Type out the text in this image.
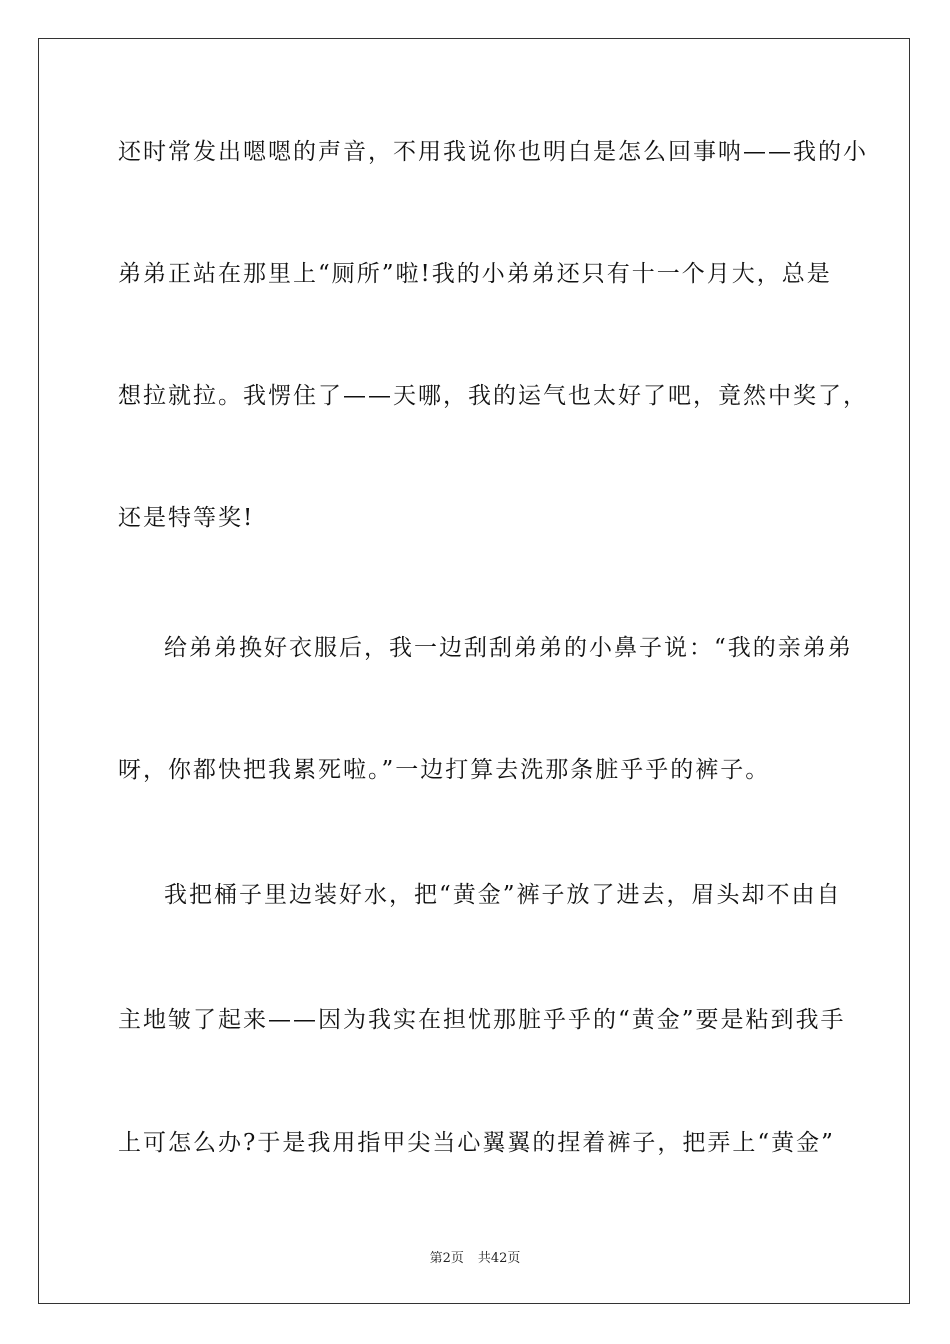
还时常发出嗯嗯的声音，不用我说你也明白是怎么回事呐——我的小
弟弟正站在那里上“厕所”啦!我的小弟弟还只有十一个月大，总是
想拉就拉。我愣住了——天哪，我的运气也太好了吧，竟然中奖了，
还是特等奖!
给弟弟换好衣服后，我一边刮刮弟弟的小鼻子说：“我的亲弟弟
呀，你都快把我累死啦。”一边打算去洗那条脏乎乎的裤子。
我把桶子里边装好水，把“黄金”裤子放了进去，眉头却不由自
主地皱了起来——因为我实在担忧那脏乎乎的“黄金”要是粘到我手
上可怎么办?于是我用指甲尖当心翼翼的捏着裤子，把弄上“黄金”
第2页 共42页
